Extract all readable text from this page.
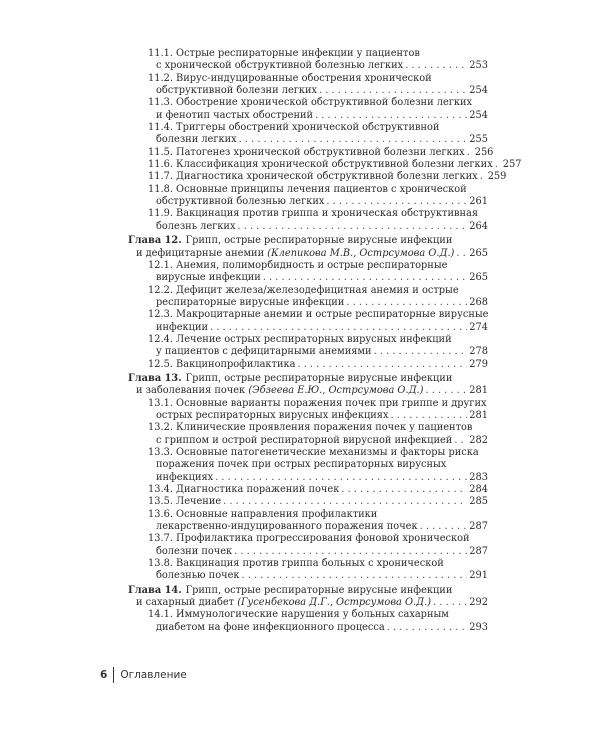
11.1. Острые респираторные инфекции у пациентов
с хронической обструктивной болезнью легких . . .	253
11.2. Вирус-индуцированные обострения хронической
обструктивной болезни легких . . .	254
11.3. Обострение хронической обструктивной болезни легких
и фенотип частых обострений . . .	254
11.4. Триггеры обострений хронической обструктивной
болезни легких . . .	255
11.5. Патогенез хронической обструктивной болезни легких . . . 256
11.6. Классификация хронической обструктивной болезни легких . . . 257
11.7. Диагностика хронической обструктивной болезни легких . . . 259
11.8. Основные принципы лечения пациентов с хронической
обструктивной болезнью легких . . .	261
11.9. Вакцинация против гриппа и хроническая обструктивная
болезнь легких . . .	264
Глава 12. Грипп, острые респираторные вирусные инфекции
и дефицитарные анемии
(Клепикова М.В., Острсумова О.Д.) . . . 265
12.1. Анемия, полиморбидность и острые респираторные
вирусные инфекции . . .	265
12.2. Дефицит железа/железодефицитная анемия и острые
респираторные вирусные инфекции . . .	268
12.3. Макроцитарные анемии и острые респираторные вирусные
инфекции . . .	274
12.4. Лечение острых респираторных вирусных инфекций
у пациентов с дефицитарными анемиями . . .	278
12.5. Вакцинопрофилактика . . .	279
Глава 13. Грипп, острые респираторные вирусные инфекции
и заболевания почек
(Эбзеева Е.Ю., Острсумова О.Д.) . . .	281
13.1. Основные варианты поражения почек при гриппе и других
острых респираторных вирусных инфекциях . . .	281
13.2. Клинические проявления поражения почек у пациентов
с гриппом и острой респираторной вирусной инфекцией . . . 282
13.3. Основные патогенетические механизмы и факторы риска
поражения почек при острых респираторных вирусных
инфекциях . . .	283
13.4. Диагностика поражений почек . . .	284
13.5. Лечение . . .	285
13.6. Основные направления профилактики
лекарственно-индуцированного поражения почек . . .	287
13.7. Профилактика прогрессирования фоновой хронической
болезни почек . . .	287
13.8. Вакцинация против гриппа больных с хронической
болезнью почек . . .	291
Глава 14. Грипп, острые респираторные вирусные инфекции
и сахарный диабет
(Гусенбекова Д.Г., Острсумова О.Д.) . . .	292
14.1. Иммунологические нарушения у больных сахарным
диабетом на фоне инфекционного процесса . . .	293
6 Оглавление
